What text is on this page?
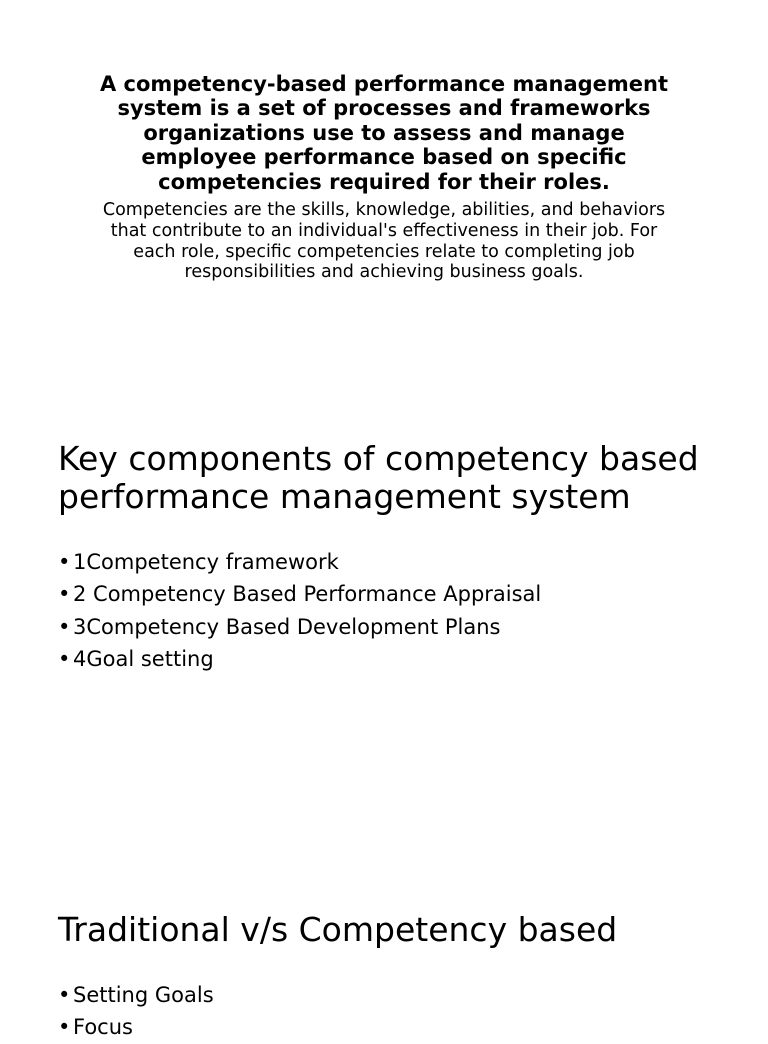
A competency-based performance management system is a set of processes and frameworks organizations use to assess and manage employee performance based on specific competencies required for their roles.

Competencies are the skills, knowledge, abilities, and behaviors that contribute to an individual's effectiveness in their job. For each role, specific competencies relate to completing job responsibilities and achieving business goals.

Key components of competency based performance management system
• 1Competency framework
• 2 Competency Based Performance Appraisal
• 3Competency Based Development Plans
• 4Goal setting
Traditional v/s Competency based
• Setting Goals
• Focus
